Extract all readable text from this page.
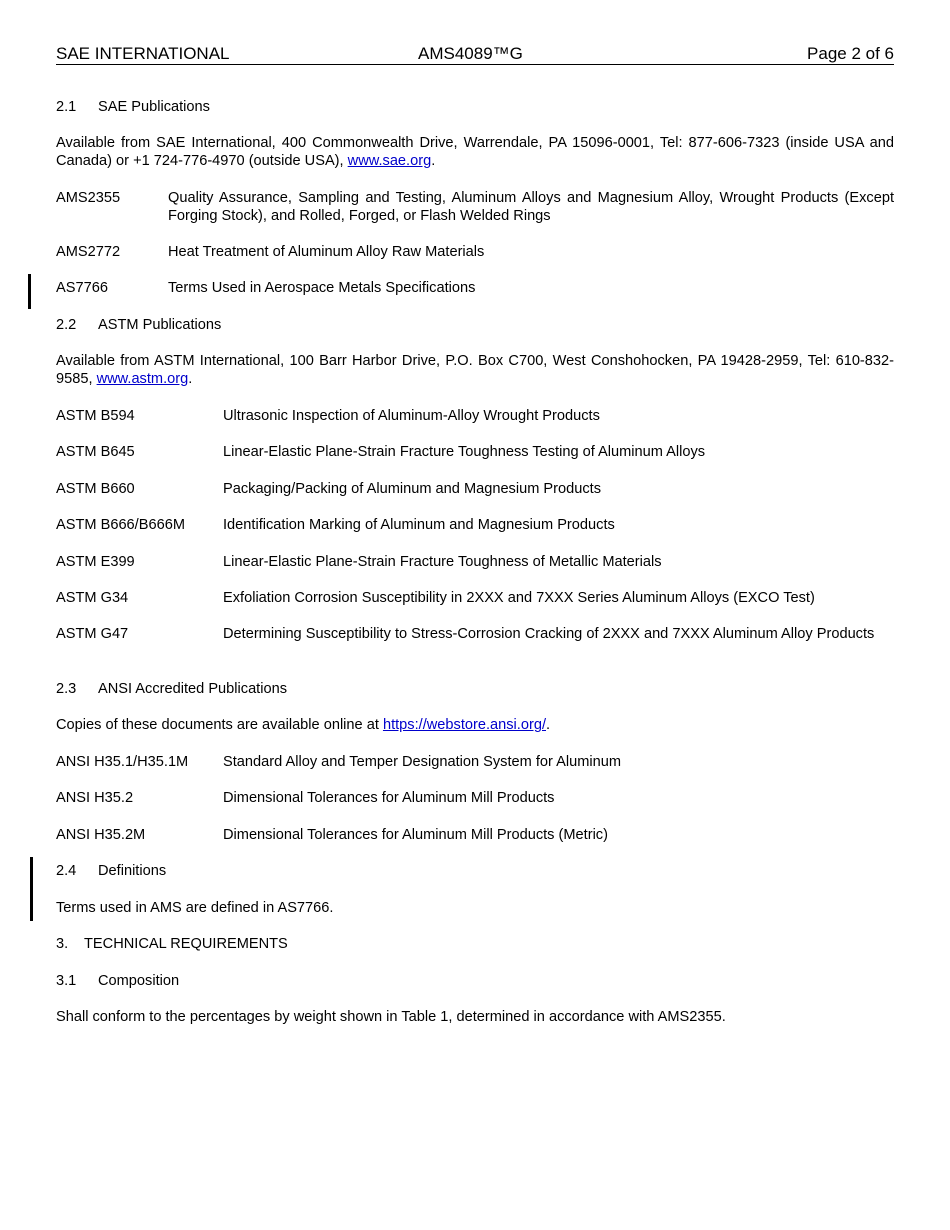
SAE INTERNATIONAL	AMS4089™G	Page 2 of 6
2.1 SAE Publications
Available from SAE International, 400 Commonwealth Drive, Warrendale, PA 15096-0001, Tel: 877-606-7323 (inside USA and Canada) or +1 724-776-4970 (outside USA), www.sae.org.
AMS2355	Quality Assurance, Sampling and Testing, Aluminum Alloys and Magnesium Alloy, Wrought Products (Except Forging Stock), and Rolled, Forged, or Flash Welded Rings
AMS2772	Heat Treatment of Aluminum Alloy Raw Materials
AS7766	Terms Used in Aerospace Metals Specifications
2.2 ASTM Publications
Available from ASTM International, 100 Barr Harbor Drive, P.O. Box C700, West Conshohocken, PA 19428-2959, Tel: 610-832-9585, www.astm.org.
ASTM B594	Ultrasonic Inspection of Aluminum-Alloy Wrought Products
ASTM B645	Linear-Elastic Plane-Strain Fracture Toughness Testing of Aluminum Alloys
ASTM B660	Packaging/Packing of Aluminum and Magnesium Products
ASTM B666/B666M	Identification Marking of Aluminum and Magnesium Products
ASTM E399	Linear-Elastic Plane-Strain Fracture Toughness of Metallic Materials
ASTM G34	Exfoliation Corrosion Susceptibility in 2XXX and 7XXX Series Aluminum Alloys (EXCO Test)
ASTM G47	Determining Susceptibility to Stress-Corrosion Cracking of 2XXX and 7XXX Aluminum Alloy Products
2.3 ANSI Accredited Publications
Copies of these documents are available online at https://webstore.ansi.org/.
ANSI H35.1/H35.1M Standard Alloy and Temper Designation System for Aluminum
ANSI H35.2	Dimensional Tolerances for Aluminum Mill Products
ANSI H35.2M	Dimensional Tolerances for Aluminum Mill Products (Metric)
2.4 Definitions
Terms used in AMS are defined in AS7766.
3. TECHNICAL REQUIREMENTS
3.1 Composition
Shall conform to the percentages by weight shown in Table 1, determined in accordance with AMS2355.
